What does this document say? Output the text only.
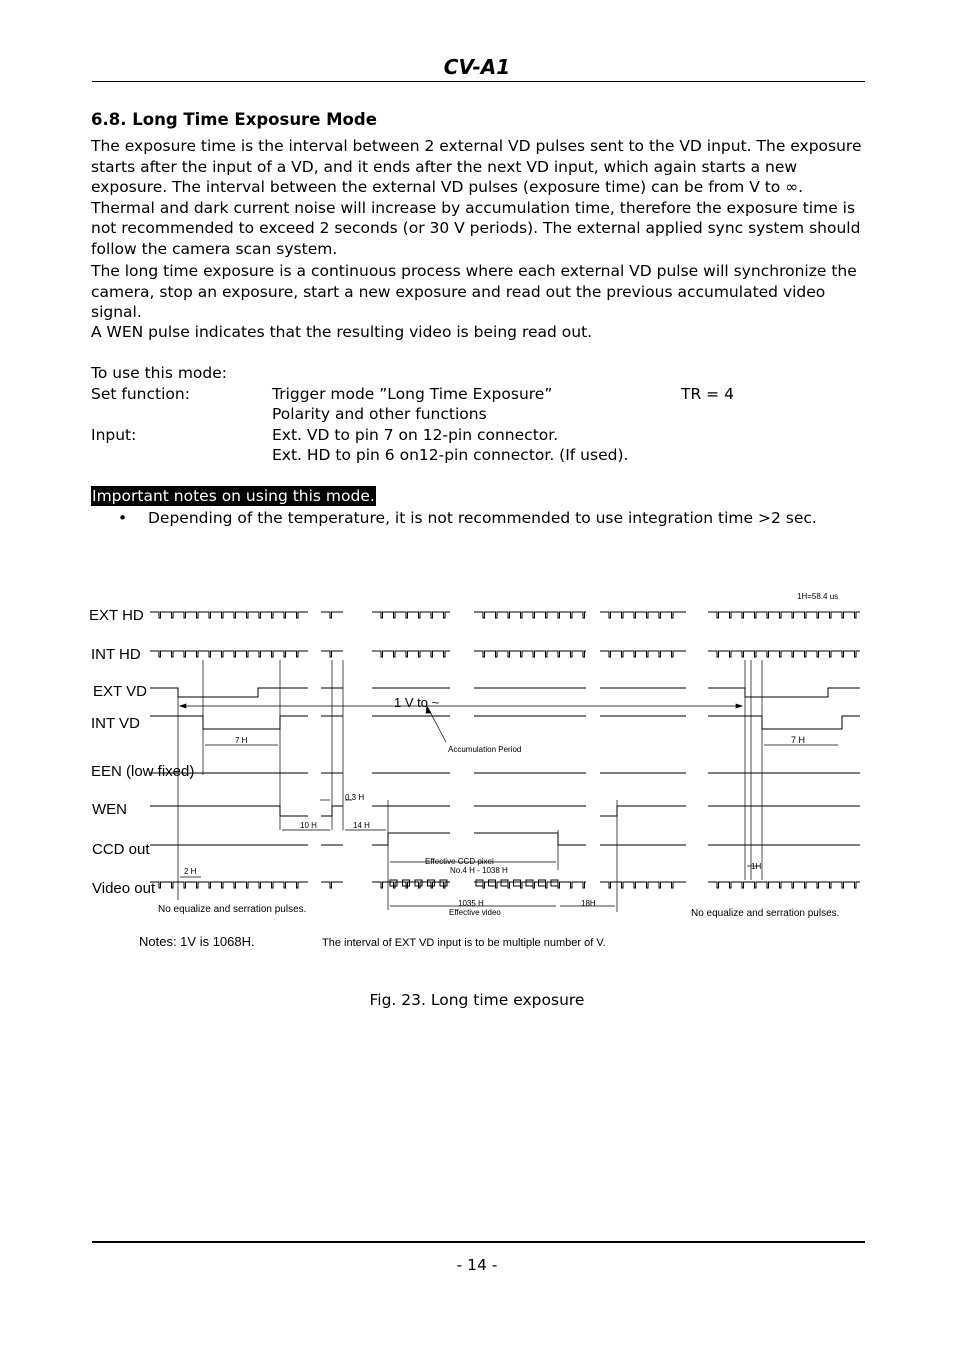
CV-A1
6.8. Long Time Exposure Mode
The exposure time is the interval between 2 external VD pulses sent to the VD input. The exposure starts after the input of a VD, and it ends after the next VD input, which again starts a new exposure. The interval between the external VD pulses (exposure time) can be from V to ∞. Thermal and dark current noise will increase by accumulation time, therefore the exposure time is not recommended to exceed 2 seconds (or 30 V periods). The external applied sync system should follow the camera scan system.
The long time exposure is a continuous process where each external VD pulse will synchronize the camera, stop an exposure, start a new exposure and read out the previous accumulated video signal.
A WEN pulse indicates that the resulting video is being read out.
To use this mode:
Set function:	Trigger mode ”Long Time Exposure”	TR = 4
Polarity and other functions
Input:	Ext. VD to pin 7 on 12-pin connector.
Ext. HD to pin 6 on12-pin connector. (If used).
Important notes on using this mode.
• Depending of the temperature, it is not recommended to use integration time >2 sec.
EXT HD
INT HD
EXT VD
INT VD
EEN (low fixed)
WEN
CCD out
Video out
1H=58.4 us
1 V to ~
Accumulation Period
7 H	7 H
0.3 H
10 H	14 H
Effective CCD pixel
No.4 H - 1038 H
2 H
1H
1035 H
Effective video
18H
No equalize and serration pulses.	No equalize and serration pulses.
Notes: 1V is 1068H.	The interval of EXT VD input is to be multiple number of V.
Fig. 23. Long time exposure
- 14 -
